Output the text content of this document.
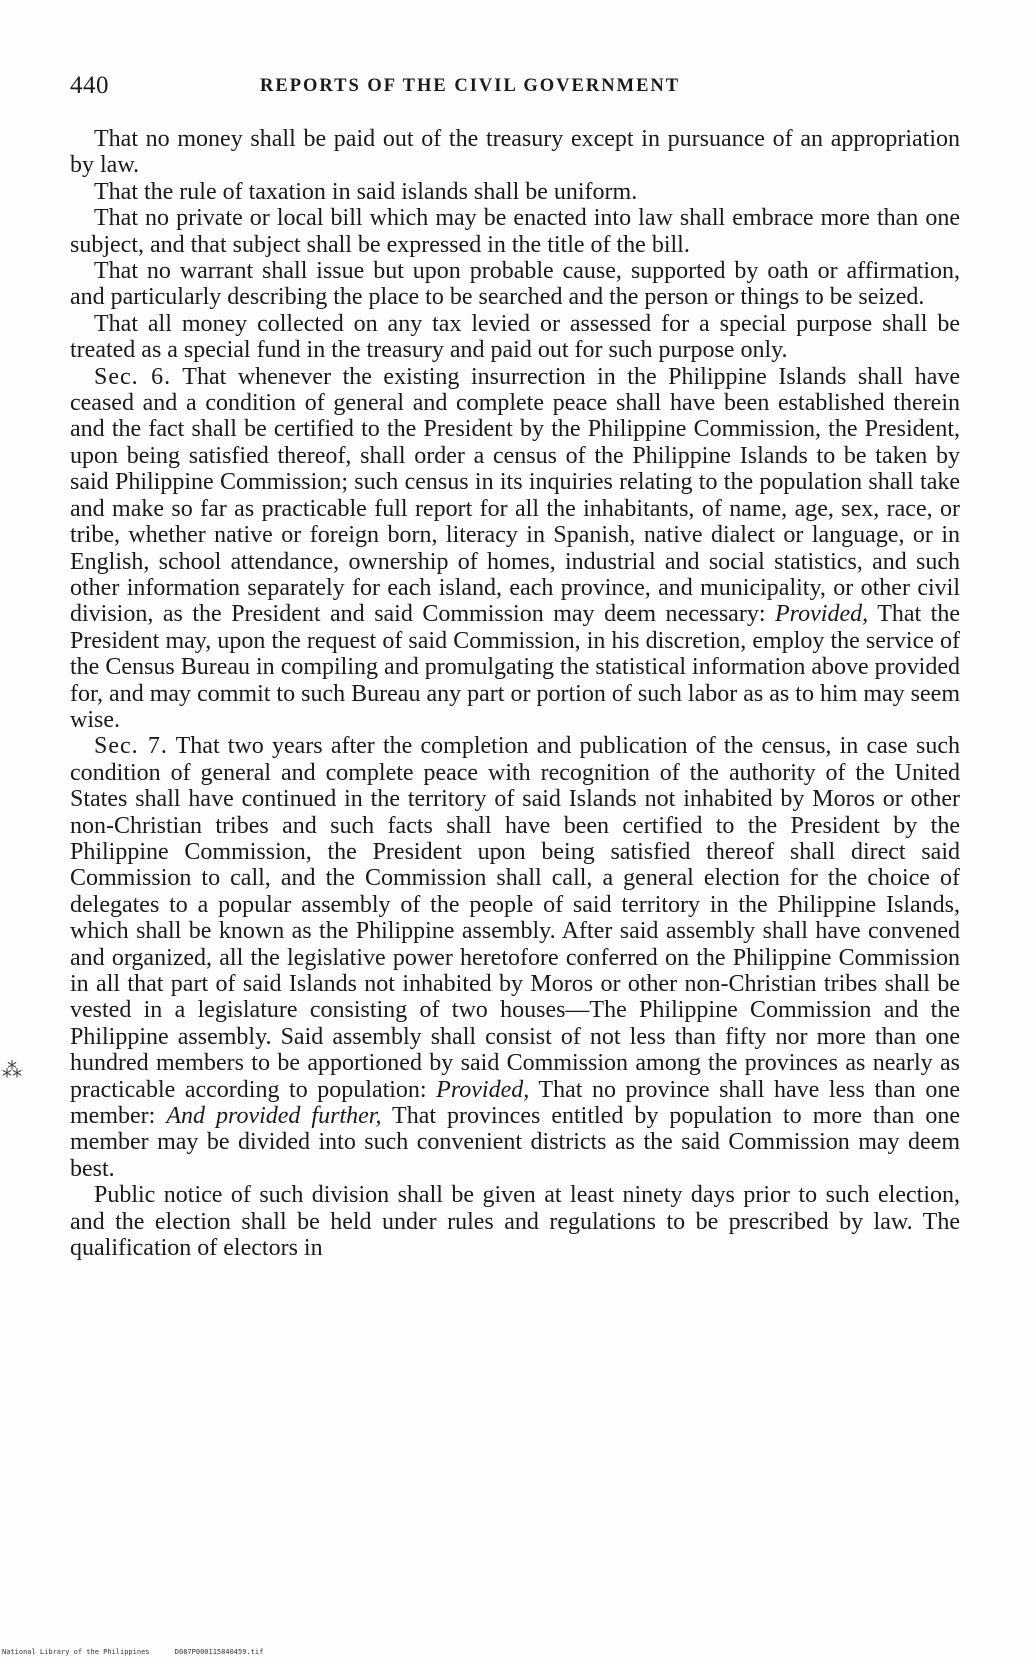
440	REPORTS OF THE CIVIL GOVERNMENT

That no money shall be paid out of the treasury except in pursuance of an appropriation by law.

That the rule of taxation in said islands shall be uniform.

That no private or local bill which may be enacted into law shall embrace more than one subject, and that subject shall be expressed in the title of the bill.

That no warrant shall issue but upon probable cause, supported by oath or affirmation, and particularly describing the place to be searched and the person or things to be seized.

That all money collected on any tax levied or assessed for a special purpose shall be treated as a special fund in the treasury and paid out for such purpose only.

Sec. 6. That whenever the existing insurrection in the Philippine Islands shall have ceased and a condition of general and complete peace shall have been established therein and the fact shall be certified to the President by the Philippine Commission, the President, upon being satisfied thereof, shall order a census of the Philippine Islands to be taken by said Philippine Commission; such census in its inquiries relating to the population shall take and make so far as practicable full report for all the inhabitants, of name, age, sex, race, or tribe, whether native or foreign born, literacy in Spanish, native dialect or language, or in English, school attendance, ownership of homes, industrial and social statistics, and such other information separately for each island, each province, and municipality, or other civil division, as the President and said Commission may deem necessary: Provided, That the President may, upon the request of said Commission, in his discretion, employ the service of the Census Bureau in compiling and promulgating the statistical information above provided for, and may commit to such Bureau any part or portion of such labor as as to him may seem wise.

Sec. 7. That two years after the completion and publication of the census, in case such condition of general and complete peace with recognition of the authority of the United States shall have continued in the territory of said Islands not inhabited by Moros or other non-Christian tribes and such facts shall have been certified to the President by the Philippine Commission, the President upon being satisfied thereof shall direct said Commission to call, and the Commission shall call, a general election for the choice of delegates to a popular assembly of the people of said territory in the Philippine Islands, which shall be known as the Philippine assembly. After said assembly shall have convened and organized, all the legislative power heretofore conferred on the Philippine Commission in all that part of said Islands not inhabited by Moros or other non-Christian tribes shall be vested in a legislature consisting of two houses—The Philippine Commission and the Philippine assembly. Said assembly shall consist of not less than fifty nor more than one hundred members to be apportioned by said Commission among the provinces as nearly as practicable according to population: Provided, That no province shall have less than one member: And provided further, That provinces entitled by population to more than one member may be divided into such convenient districts as the said Commission may deem best.

Public notice of such division shall be given at least ninety days prior to such election, and the election shall be held under rules and regulations to be prescribed by law. The qualification of electors in

⁂
National Library of the Philippines      D087P000115840459.tif
